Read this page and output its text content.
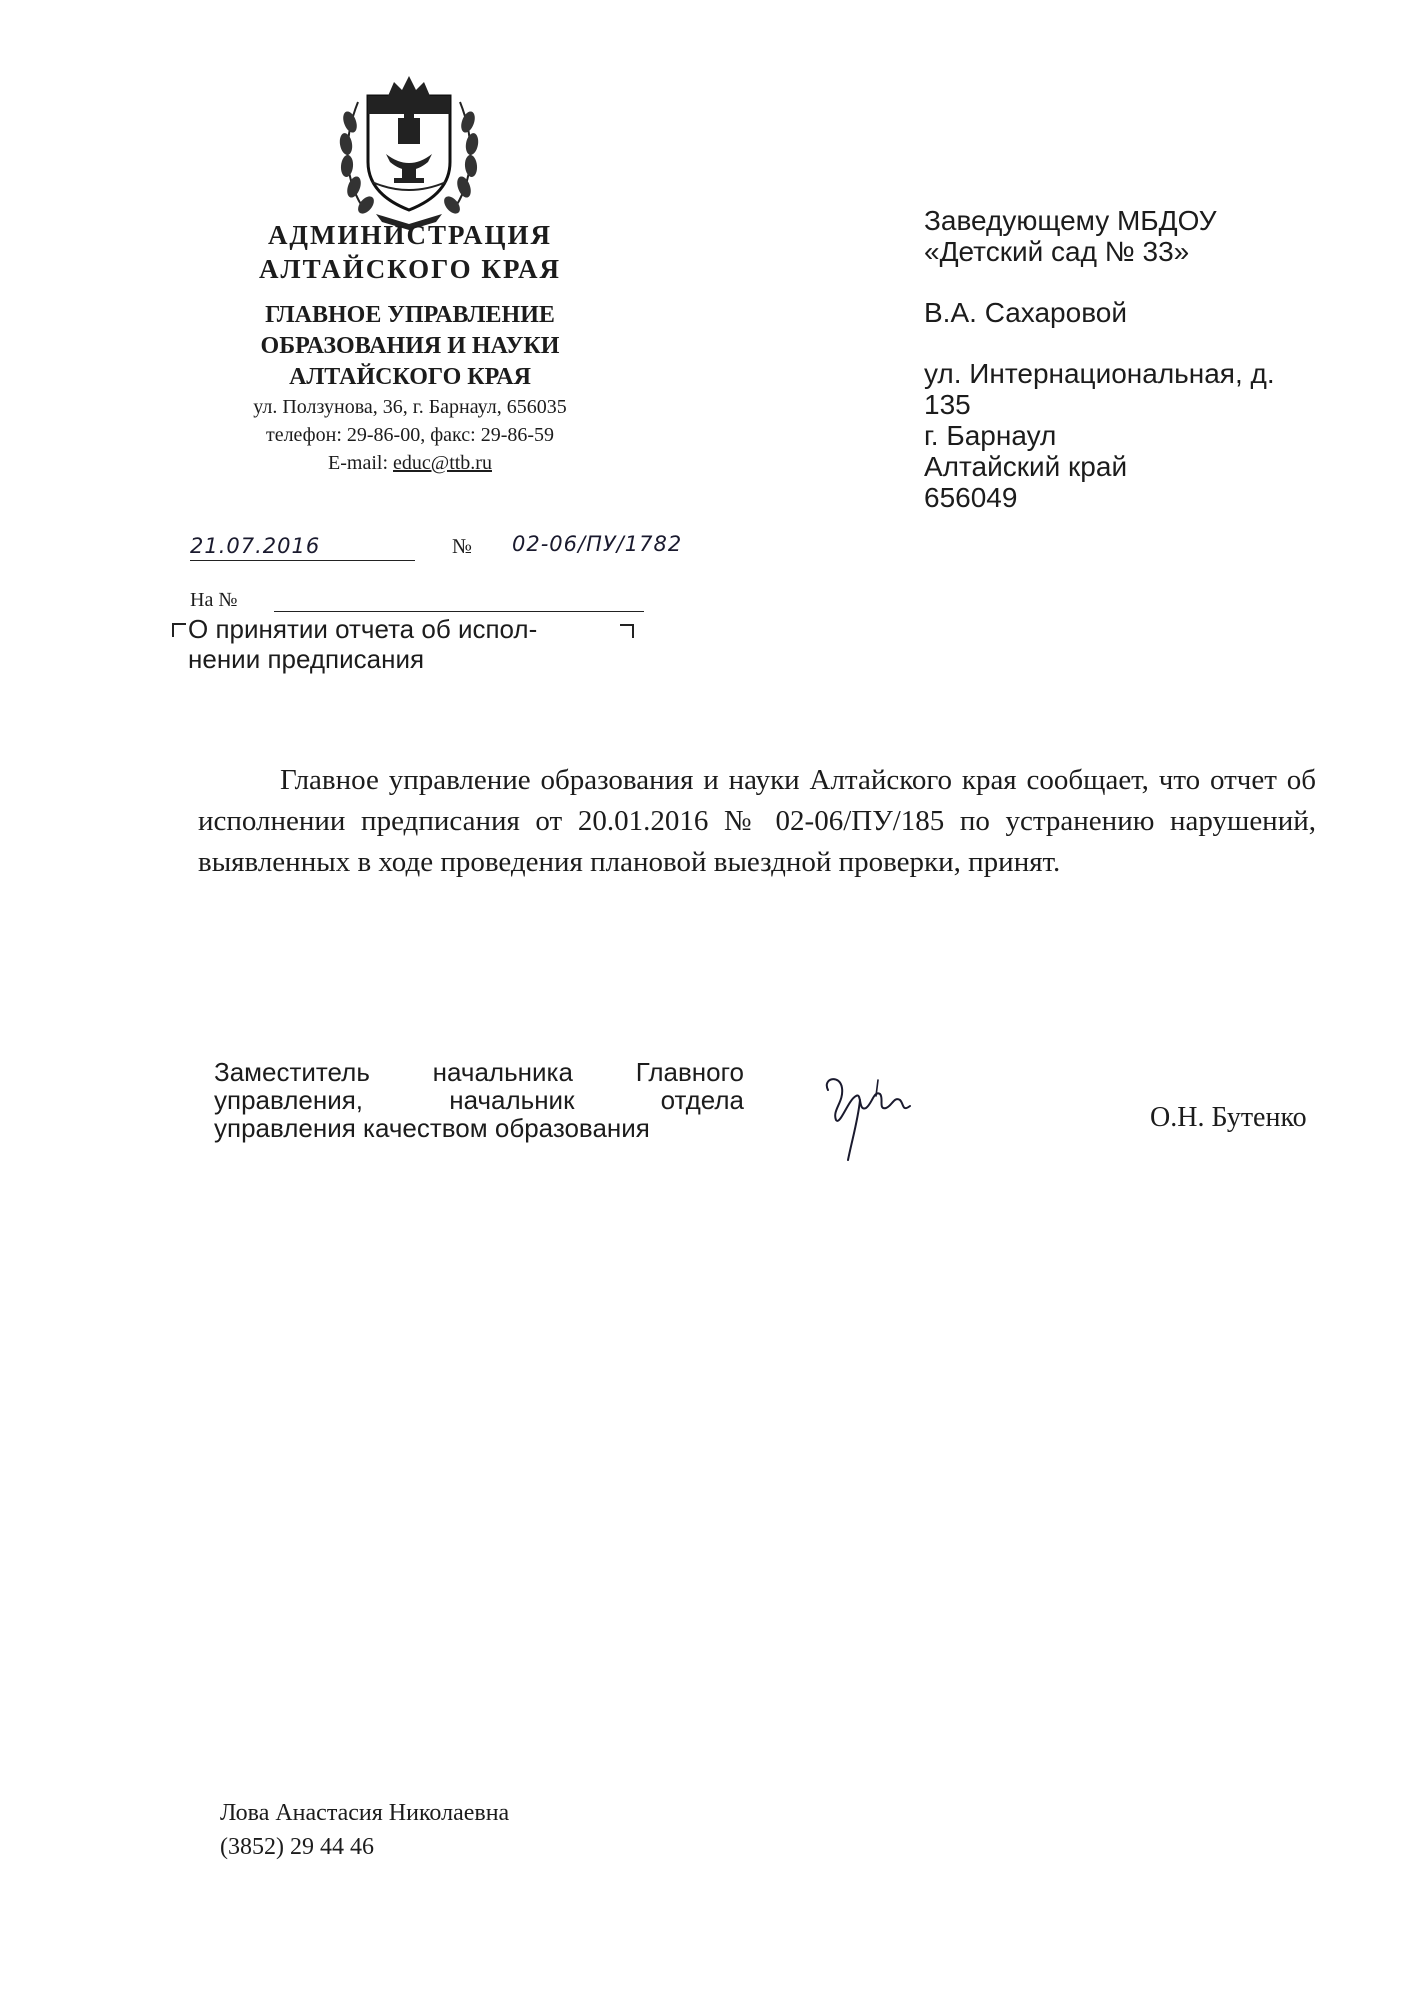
АДМИНИСТРАЦИЯ
АЛТАЙСКОГО КРАЯ
ГЛАВНОЕ УПРАВЛЕНИЕ
ОБРАЗОВАНИЯ И НАУКИ
АЛТАЙСКОГО КРАЯ
ул. Ползунова, 36, г. Барнаул, 656035
телефон: 29-86-00, факс: 29-86-59
E-mail: educ@ttb.ru
Заведующему МБДОУ
«Детский сад № 33»
В.А. Сахаровой
ул. Интернациональная, д.
135
г. Барнаул
Алтайский край
656049
21.07.2016	№ 02-06/ПУ/1782
На №
О принятии отчета об испол-
нении предписания
Главное управление образования и науки Алтайского края сообщает, что отчет об исполнении предписания от 20.01.2016 № 02-06/ПУ/185 по устранению нарушений, выявленных в ходе проведения плановой выездной проверки, принят.
Заместитель начальника Главного
управления, начальник отдела
управления качеством образования	О.Н. Бутенко
Лова Анастасия Николаевна
(3852) 29 44 46
